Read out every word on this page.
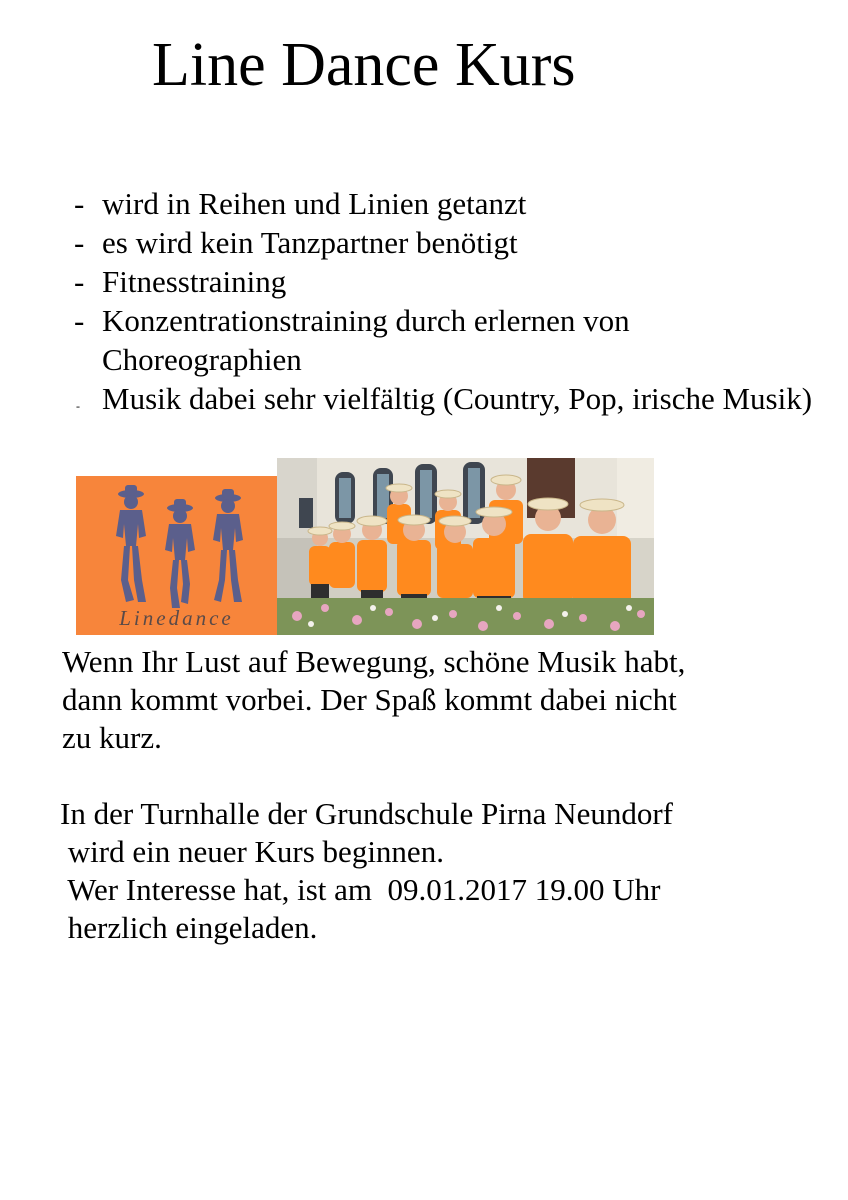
Line Dance Kurs
- wird in Reihen und Linien getanzt
- es wird kein Tanzpartner benötigt
- Fitnesstraining
- Konzentrationstraining durch erlernen von Choreographien
- Musik dabei sehr vielfältig (Country, Pop, irische Musik)
Linedance

Wenn Ihr Lust auf Bewegung, schöne Musik habt,
dann kommt vorbei. Der Spaß kommt dabei nicht
zu kurz.

In der Turnhalle der Grundschule Pirna Neundorf
wird ein neuer Kurs beginnen.
Wer Interesse hat, ist am  09.01.2017 19.00 Uhr
herzlich eingeladen.
